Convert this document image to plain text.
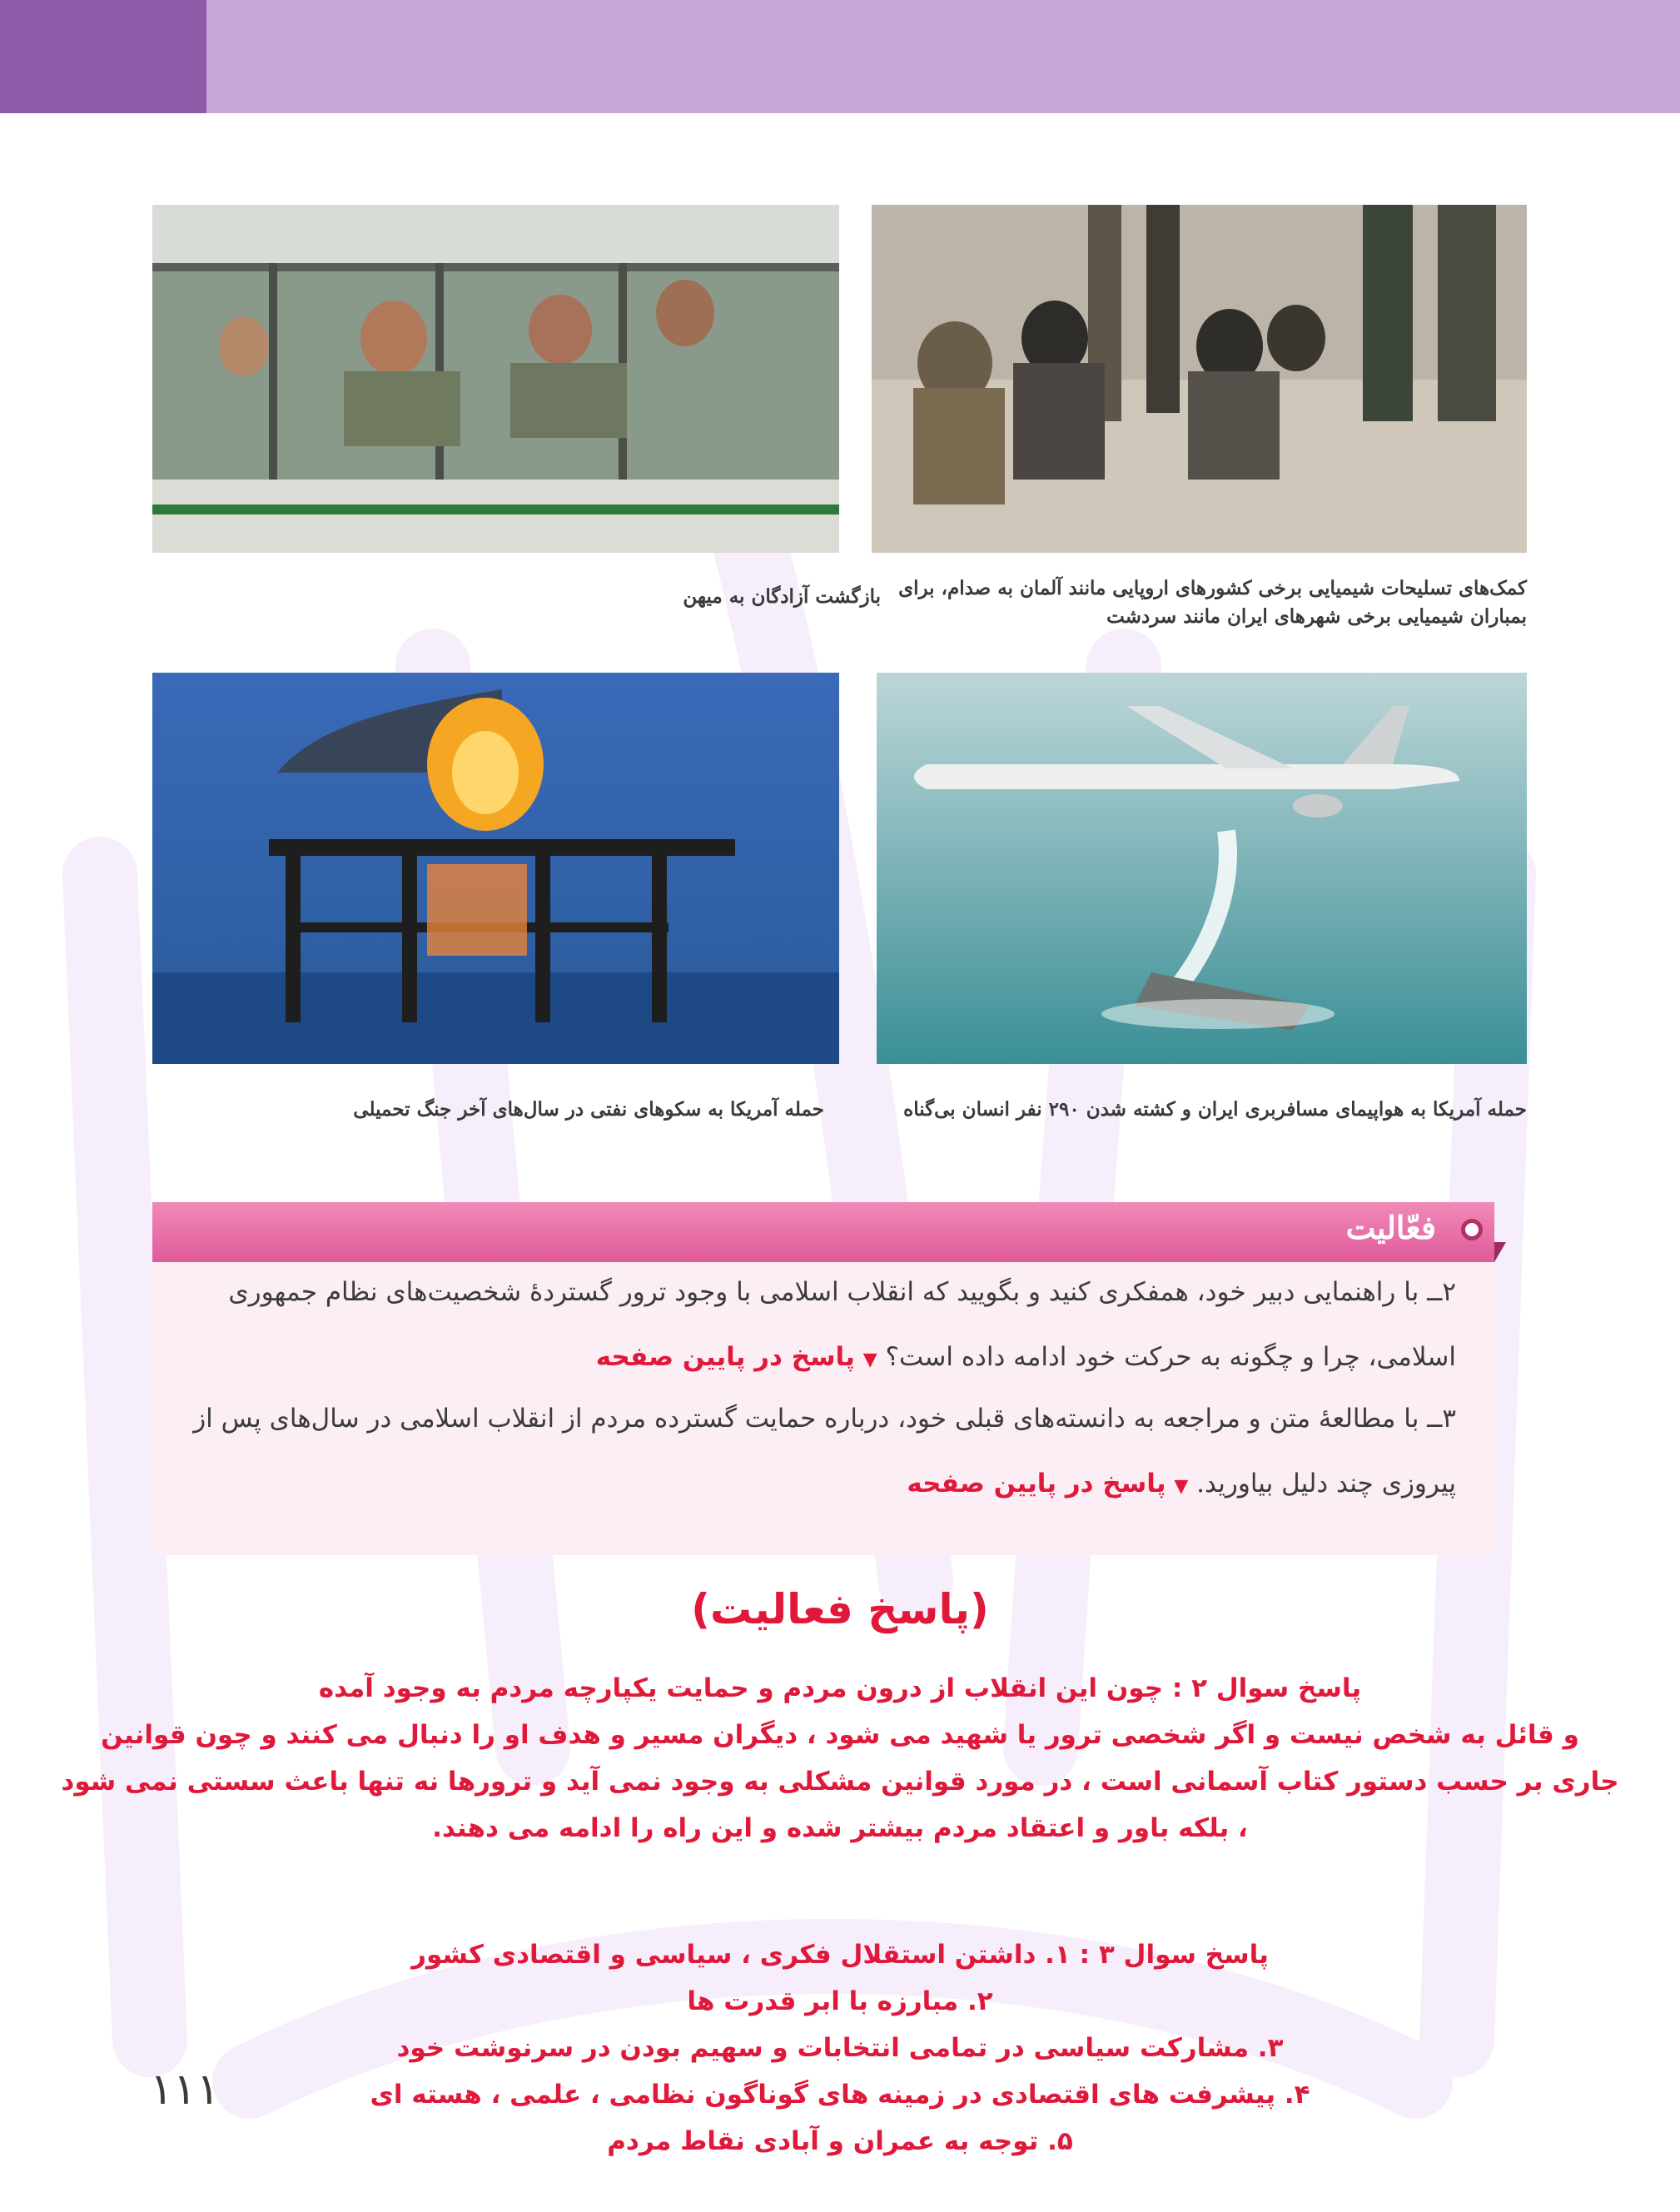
کمک‌های تسلیحات شیمیایی برخی کشورهای اروپایی مانند آلمان به صدام، برای
بمباران شیمیایی برخی شهرهای ایران مانند سردشت
بازگشت آزادگان به میهن
حمله آمریکا به هواپیمای مسافربری ایران و کشته شدن ۲۹۰ نفر انسان بی‌گناه
حمله آمریکا به سکوهای نفتی در سال‌های آخر جنگ تحمیلی
فعّالیت
۲ــ با راهنمایی دبیر خود، همفکری کنید و بگویید که انقلاب اسلامی با وجود ترور گستردهٔ شخصیت‌های نظام جمهوری
اسلامی، چرا و چگونه به حرکت خود ادامه داده است؟ ▼ پاسخ در پایین صفحه
۳ــ با مطالعهٔ متن و مراجعه به دانسته‌های قبلی خود، درباره حمایت گسترده مردم از انقلاب اسلامی در سال‌های پس از
پیروزی چند دلیل بیاورید. ▼ پاسخ در پایین صفحه
(پاسخ فعالیت)
پاسخ سوال ۲ : چون این انقلاب از درون مردم و حمایت یکپارچه مردم به وجود آمده
و قائل به شخص نیست و اگر شخصی ترور یا شهید می شود ، دیگران مسیر و هدف او را دنبال می کنند و چون قوانین
جاری بر حسب دستور کتاب آسمانی است ، در مورد قوانین مشکلی به وجود نمی آید و ترورها نه تنها باعث سستی نمی شود
، بلکه باور و اعتقاد مردم بیشتر شده و این راه را ادامه می دهند.
پاسخ سوال ۳ : ۱. داشتن استقلال فکری ، سیاسی و اقتصادی کشور
۲. مبارزه با ابر قدرت ها
۳. مشارکت سیاسی در تمامی انتخابات و سهیم بودن در سرنوشت خود
۴. پیشرفت های اقتصادی در زمینه های گوناگون نظامی ، علمی ، هسته ای
۵. توجه به عمران و آبادی نقاط مردم
۱۱۱
